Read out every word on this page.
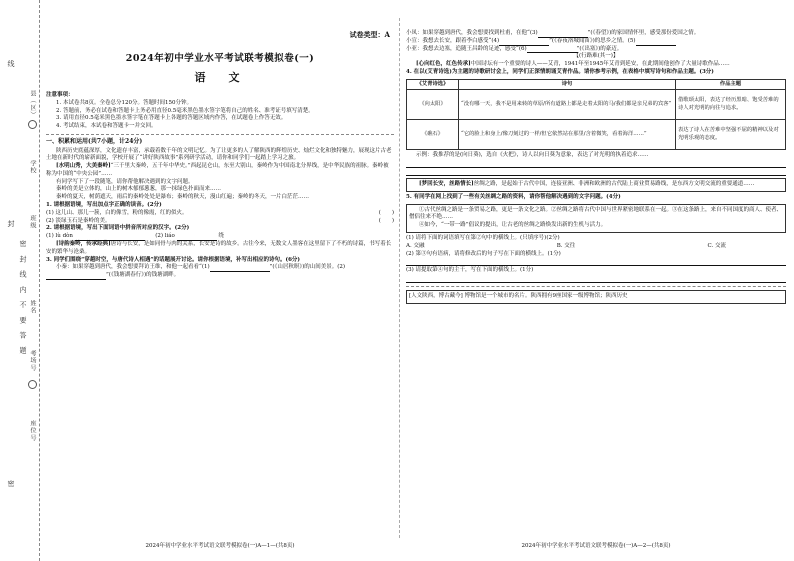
线
封
密
密 封 线 内 不 要 答 题
县（区）
学校
班级
姓名
考场号
座位号
试卷类型：A
2024年初中学业水平考试联考模拟卷(一)
语　文

注意事项：

1. 本试卷共8页。全卷总分120分。答题时间150分钟。

2. 答题前，务必在试卷和答题卡上务必用直径0.5毫米黑色墨水签字笔将自己的姓名、准考证号填写清楚。

3. 请用直径0.5毫米黑色墨水签字笔在答题卡上各题的答题区域内作答，在试题卷上作答无效。

4. 考试结束，本试卷和答题卡一并交回。

一、积累和运用(共7小题，计24分)

陕西历史底蕴深厚，文化遗存丰富，承载着数千年的文明记忆。为了让更多的人了解陕西的辉煌历史、灿烂文化和独特魅力，展现这片古老土地在新时代的崭新面貌，学校开展了“讲好陕西故事”系列研学活动，请你和同学们一起踏上学习之旅。

[水明山秀，大美秦岭]“三千里大秦岭，五千年中华史。”西起昆仑山，东至大别山，秦岭作为中国南北分界线，是中华民族的祖脉。秦岭被称为中国的“中央公园”……

有同学写下了一段随笔，请你帮他解决遇到的文字问题。

秦岭的美是立体的，山上的树木郁郁葱葱，那一抹绿色扑面而来……

秦岭的夏天，树荫遮天，雨后的秦岭处处是瀑布；秦岭的秋天，漫山红遍；秦岭的冬天，一片白茫茫……

1. 请根据语境，写出加点字正确的读音。(2分)

(1) 这儿山、那儿一簇，白的像雪，粉的像霞，红的似火。	(　　)
(2) 淡绿玉石是秦岭的美。	(　　)

2. 请根据语境，写出下面词语中拼音所对应的汉字。(2分)

(1) lù dòn	(2) liáo	绕

[诗韵秦岭，传承经典]唐诗与长安，是如同骨与肉的关系，长安是诗的故乡。古往今来，无数文人墨客在这里留下了不朽的诗篇，书写着长安的繁华与沧桑。

3. 同学们围绕“穿越时空，与唐代诗人相遇”的话题展开讨论。请你根据语境，补写出相应的诗句。(6分)

小秦：如果穿越到唐代，我会想要拜访王维，和他一起看看“(1)	”(《山居秋暝》)的山间美景。(2)”(《钱塘湖春行》)的钱塘湖畔。

2024年初中学业水平考试语文联考模拟卷(一)A—1—(共8页)

小凤：如果穿越到唐代，我会想要找到杜甫，在他“(3)	”(《春望》)的家国情怀里，感受那份爱国之情。

小宣：我想去长安，跟着李白感受“(4)	”(《春夜洛城闻笛》)的思乡之情。(5)

小亚：我想去边塞，追随王昌龄的足迹，感受“(6)	”(《出塞》)的豪迈。

【(行路难(其一)】

[心向红色，红色传承]中国诗坛有一个重要的诗人——艾青，1941年至1945年艾青到延安，在此期间他创作了大量诗歌作品……

4. 在以(艾青诗选)为主题的诗歌研讨会上，同学们正深情朗诵艾青作品。请你参考示例，在表格中填写诗句和作品主题。(3分)

《艾青诗选》	诗句	作品主题
《向太阳》	“没有哪一天，我不是用来转的草原/所有道路上都是走着太阳的马/我们都是亲兄弟的宾客”	借歌颂太阳，表达了经历黑暗、饱受苦难的诗人对光明的向往与追求。
《礁石》	“它的脸上和身上/像刀刻过的一样/但它依然站在那里/含着微笑，看着海洋……”	表达了诗人在苦难中坚强不屈的精神以及对光明乐观的态度。

示例：我推荐的是(向日葵)，选自《火把》，诗人以向日葵为意象，表达了对光明的执着追求……

[梦回长安，丝路情长]丝绸之路，是起始于古代中国，连接亚洲、非洲和欧洲的古代陆上商业贸易路线，是东西方文明交流的重要通道……

5. 有同学在网上找到了一些有关丝绸之路的资料，请你帮他解决遇到的文字问题。(4分)

①古代丝绸之路是一条贸易之路，更是一条文化之路。②丝绸之路将古代中国与世界紧密地联系在一起。③在这条路上，来自不同国度的商人、使者、僧侣往来不绝……

④如今，“一带一路”倡议的提出，让古老的丝绸之路焕发出新的生机与活力。

(1) 请将下面的词语填写在第②句中的横线上。(只填序号)(2分)

A. 交融	B. 交往	C. 交流

(2) 第③句有语病，请将修改后的句子写在下面的横线上。(1分)

(3) 请提取第④句的主干，写在下面的横线上。(1分)

[人文陕西，博古藏今] 博物馆是一个城市的名片。陕西拥有9座国家一级博物馆；陕西历史

2024年初中学业水平考试语文联考模拟卷(一)A—2—(共8页)
